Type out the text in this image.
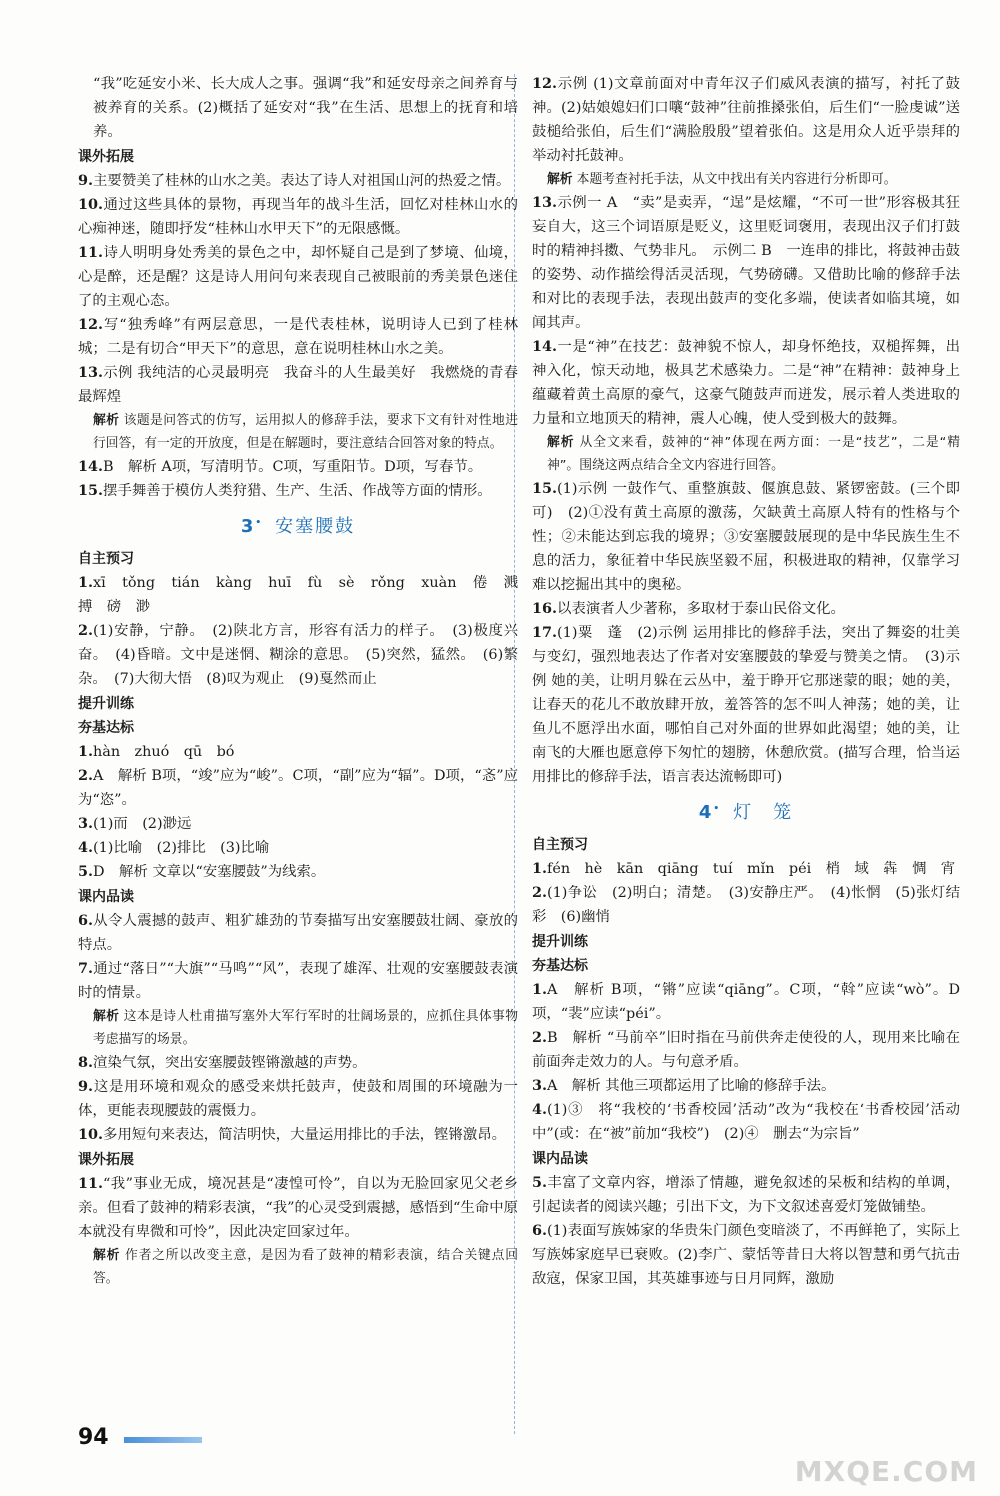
“我”吃延安小米、长大成人之事。强调“我”和延安母亲之间养育与被养育的关系。(2)概括了延安对“我”在生活、思想上的抚育和培养。

课外拓展

9.主要赞美了桂林的山水之美。表达了诗人对祖国山河的热爱之情。

10.通过这些具体的景物，再现当年的战斗生活，回忆对桂林山水的心痴神迷，随即抒发“桂林山水甲天下”的无限感慨。

11.诗人明明身处秀美的景色之中，却怀疑自己是到了梦境、仙境，心是醉，还是醒？这是诗人用问句来表现自己被眼前的秀美景色迷住了的主观心态。

12.写“独秀峰”有两层意思，一是代表桂林，说明诗人已到了桂林城；二是有切合“甲天下”的意思，意在说明桂林山水之美。

13.示例 我纯洁的心灵最明亮　我奋斗的人生最美好　我燃烧的青春最辉煌

解析 该题是问答式的仿写，运用拟人的修辞手法，要求下文有针对性地进行回答，有一定的开放度，但是在解题时，要注意结合回答对象的特点。

14.B　解析 A项，写清明节。C项，写重阳节。D项，写春节。

15.摆手舞善于模仿人类狩猎、生产、生活、作战等方面的情形。

3• 安塞腰鼓

自主预习

1.xī　tǒng　tián　kàng　huī　fù　sè　rǒng　xuàn　倦　溅　搏　磅　渺

2.(1)安静，宁静。　(2)陕北方言，形容有活力的样子。　(3)极度兴奋。　(4)昏暗。文中是迷惘、糊涂的意思。　(5)突然，猛然。　(6)繁杂。　(7)大彻大悟　(8)叹为观止　(9)戛然而止

提升训练

夯基达标

1.hàn　zhuó　qū　bó

2.A　解析 B项，“竣”应为“峻”。C项，“副”应为“辐”。D项，“忞”应为“恣”。

3.(1)而　(2)渺远

4.(1)比喻　(2)排比　(3)比喻

5.D　解析 文章以“安塞腰鼓”为线索。

课内品读

6.从令人震撼的鼓声、粗犷雄劲的节奏描写出安塞腰鼓壮阔、豪放的特点。

7.通过“落日”“大旗”“马鸣”“风”，表现了雄浑、壮观的安塞腰鼓表演时的情景。

解析 这本是诗人杜甫描写塞外大军行军时的壮阔场景的，应抓住具体事物考虑描写的场景。

8.渲染气氛，突出安塞腰鼓铿锵激越的声势。

9.这是用环境和观众的感受来烘托鼓声，使鼓和周围的环境融为一体，更能表现腰鼓的震慑力。

10.多用短句来表达，简洁明快，大量运用排比的手法，铿锵激昂。

课外拓展

11.“我”事业无成，境况甚是“凄惶可怜”，自以为无脸回家见父老乡亲。但看了鼓神的精彩表演，“我”的心灵受到震撼，感悟到“生命中原本就没有卑微和可怜”，因此决定回家过年。

解析 作者之所以改变主意，是因为看了鼓神的精彩表演，结合关键点回答。

12.示例 (1)文章前面对中青年汉子们威风表演的描写，衬托了鼓神。(2)姑娘媳妇们口嚷“鼓神”往前推搡张伯，后生们“一脸虔诚”送鼓槌给张伯，后生们“满脸殷殷”望着张伯。这是用众人近乎崇拜的举动衬托鼓神。

解析 本题考查衬托手法，从文中找出有关内容进行分析即可。

13.示例一 A　“卖”是卖弄，“逞”是炫耀，“不可一世”形容极其狂妄自大，这三个词语原是贬义，这里贬词褒用，表现出汉子们打鼓时的精神抖擞、气势非凡。　示例二 B　一连串的排比，将鼓神击鼓的姿势、动作描绘得活灵活现，气势磅礴。又借助比喻的修辞手法和对比的表现手法，表现出鼓声的变化多端，使读者如临其境，如闻其声。

14.一是“神”在技艺：鼓神貌不惊人，却身怀绝技，双槌挥舞，出神入化，惊天动地，极具艺术感染力。二是“神”在精神：鼓神身上蕴藏着黄土高原的豪气，这豪气随鼓声而迸发，展示着人类进取的力量和立地顶天的精神，震人心魄，使人受到极大的鼓舞。

解析 从全文来看，鼓神的“神”体现在两方面：一是“技艺”，二是“精神”。围绕这两点结合全文内容进行回答。

15.(1)示例 一鼓作气、重整旗鼓、偃旗息鼓、紧锣密鼓。(三个即可)　(2)①没有黄土高原的激荡，欠缺黄土高原人特有的性格与个性；②未能达到忘我的境界；③安塞腰鼓展现的是中华民族生生不息的活力，象征着中华民族坚毅不屈，积极进取的精神，仅靠学习难以挖掘出其中的奥秘。

16.以表演者人少著称，多取材于泰山民俗文化。

17.(1)粟　蓬　(2)示例 运用排比的修辞手法，突出了舞姿的壮美与变幻，强烈地表达了作者对安塞腰鼓的挚爱与赞美之情。　(3)示例 她的美，让明月躲在云丛中，羞于睁开它那迷蒙的眼；她的美，让春天的花儿不敢放肆开放，羞答答的怎不叫人神荡；她的美，让鱼儿不愿浮出水面，哪怕自己对外面的世界如此渴望；她的美，让南飞的大雁也愿意停下匆忙的翅膀，休憩欣赏。(描写合理，恰当运用排比的修辞手法，语言表达流畅即可)

4• 灯　笼

自主预习

1.fén　hè　kān　qiāng　tuí　mǐn　péi　梢　域　犇　惆　宵

2.(1)争讼　(2)明白；清楚。　(3)安静庄严。　(4)怅惘　(5)张灯结彩　(6)幽悄

提升训练

夯基达标

1.A　解析 B项，“锵”应读“qiāng”。C项，“斡”应读“wò”。D项，“裴”应读“péi”。

2.B　解析 “马前卒”旧时指在马前供奔走使役的人，现用来比喻在前面奔走效力的人。与句意矛盾。

3.A　解析 其他三项都运用了比喻的修辞手法。

4.(1)③　将“我校的‘书香校园’活动”改为“我校在‘书香校园’活动中”(或：在“被”前加“我校”)　(2)④　删去“为宗旨”

课内品读

5.丰富了文章内容，增添了情趣，避免叙述的呆板和结构的单调，引起读者的阅读兴趣；引出下文，为下文叙述喜爱灯笼做铺垫。

6.(1)表面写族姊家的华贵朱门颜色变暗淡了，不再鲜艳了，实际上写族姊家庭早已衰败。(2)李广、蒙恬等昔日大将以智慧和勇气抗击敌寇，保家卫国，其英雄事迹与日月同辉，激励

94
MXQE.COM
